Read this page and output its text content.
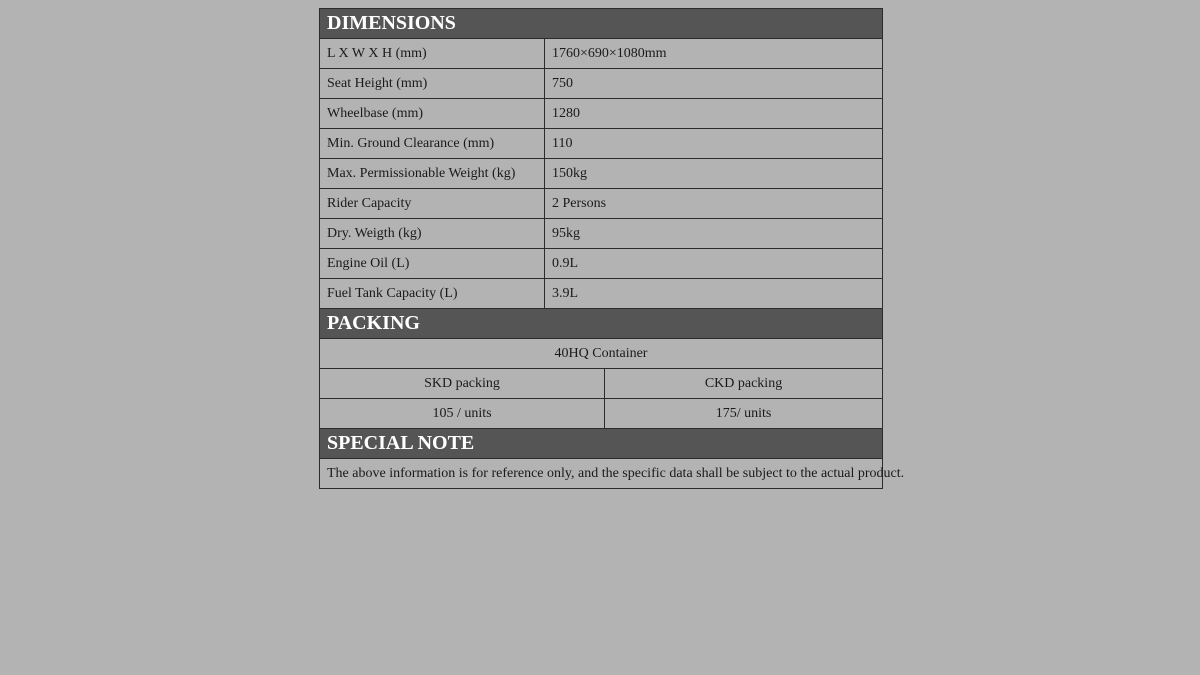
DIMENSIONS		
L X W X H (mm)	1760×690×1080mm	
Seat Height (mm)	750	
Wheelbase (mm)	1280	
Min. Ground Clearance (mm)	110	
Max. Permissionable Weight (kg)	150kg	
Rider Capacity	2 Persons	
Dry. Weigth (kg)	95kg	
Engine Oil (L)	0.9L	
Fuel Tank Capacity (L)	3.9L	
PACKING		
40HQ Container		
SKD packing		CKD packing
105 / units		175/ units
SPECIAL NOTE		
The above information is for reference only, and the specific data shall be subject to the actual product.		
